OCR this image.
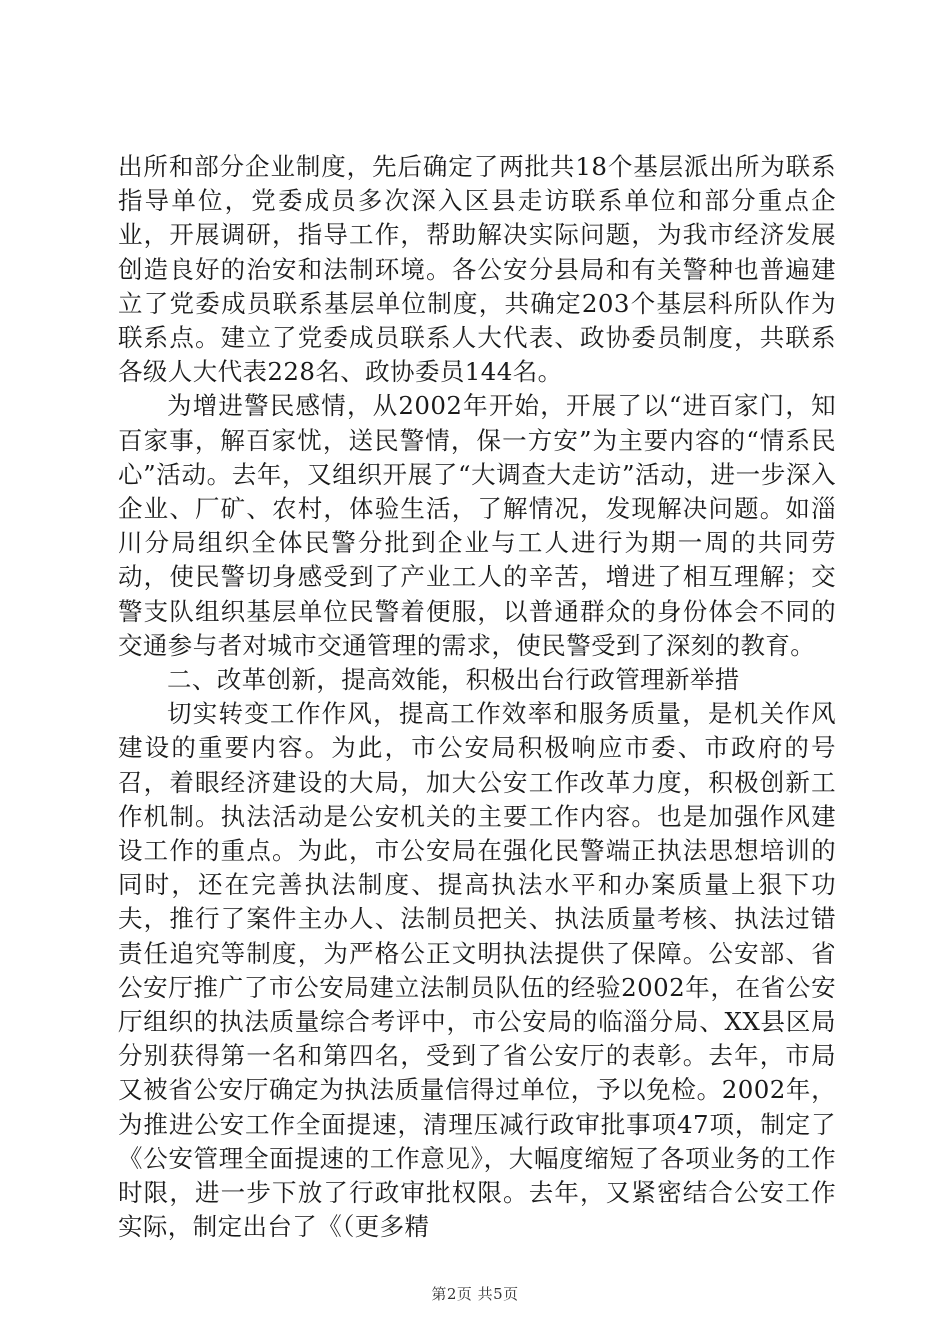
出所和部分企业制度，先后确定了两批共18个基层派出所为联系指导单位，党委成员多次深入区县走访联系单位和部分重点企业，开展调研，指导工作，帮助解决实际问题，为我市经济发展创造良好的治安和法制环境。各公安分县局和有关警种也普遍建立了党委成员联系基层单位制度，共确定203个基层科所队作为联系点。建立了党委成员联系人大代表、政协委员制度，共联系各级人大代表228名、政协委员144名。

为增进警民感情，从2002年开始，开展了以“进百家门，知百家事，解百家忧，送民警情，保一方安”为主要内容的“情系民心”活动。去年，又组织开展了“大调查大走访”活动，进一步深入企业、厂矿、农村，体验生活，了解情况，发现解决问题。如淄川分局组织全体民警分批到企业与工人进行为期一周的共同劳动，使民警切身感受到了产业工人的辛苦，增进了相互理解；交警支队组织基层单位民警着便服，以普通群众的身份体会不同的交通参与者对城市交通管理的需求，使民警受到了深刻的教育。

二、改革创新，提高效能，积极出台行政管理新举措

切实转变工作作风，提高工作效率和服务质量，是机关作风建设的重要内容。为此，市公安局积极响应市委、市政府的号召，着眼经济建设的大局，加大公安工作改革力度，积极创新工作机制。执法活动是公安机关的主要工作内容。也是加强作风建设工作的重点。为此，市公安局在强化民警端正执法思想培训的同时，还在完善执法制度、提高执法水平和办案质量上狠下功夫，推行了案件主办人、法制员把关、执法质量考核、执法过错责任追究等制度，为严格公正文明执法提供了保障。公安部、省公安厅推广了市公安局建立法制员队伍的经验2002年，在省公安厅组织的执法质量综合考评中，市公安局的临淄分局、XX县区局分别获得第一名和第四名，受到了省公安厅的表彰。去年，市局又被省公安厅确定为执法质量信得过单位，予以免检。2002年，为推进公安工作全面提速，清理压减行政审批事项47项，制定了《公安管理全面提速的工作意见》，大幅度缩短了各项业务的工作时限，进一步下放了行政审批权限。去年，又紧密结合公安工作实际，制定出台了《（更多精

第2页 共5页
